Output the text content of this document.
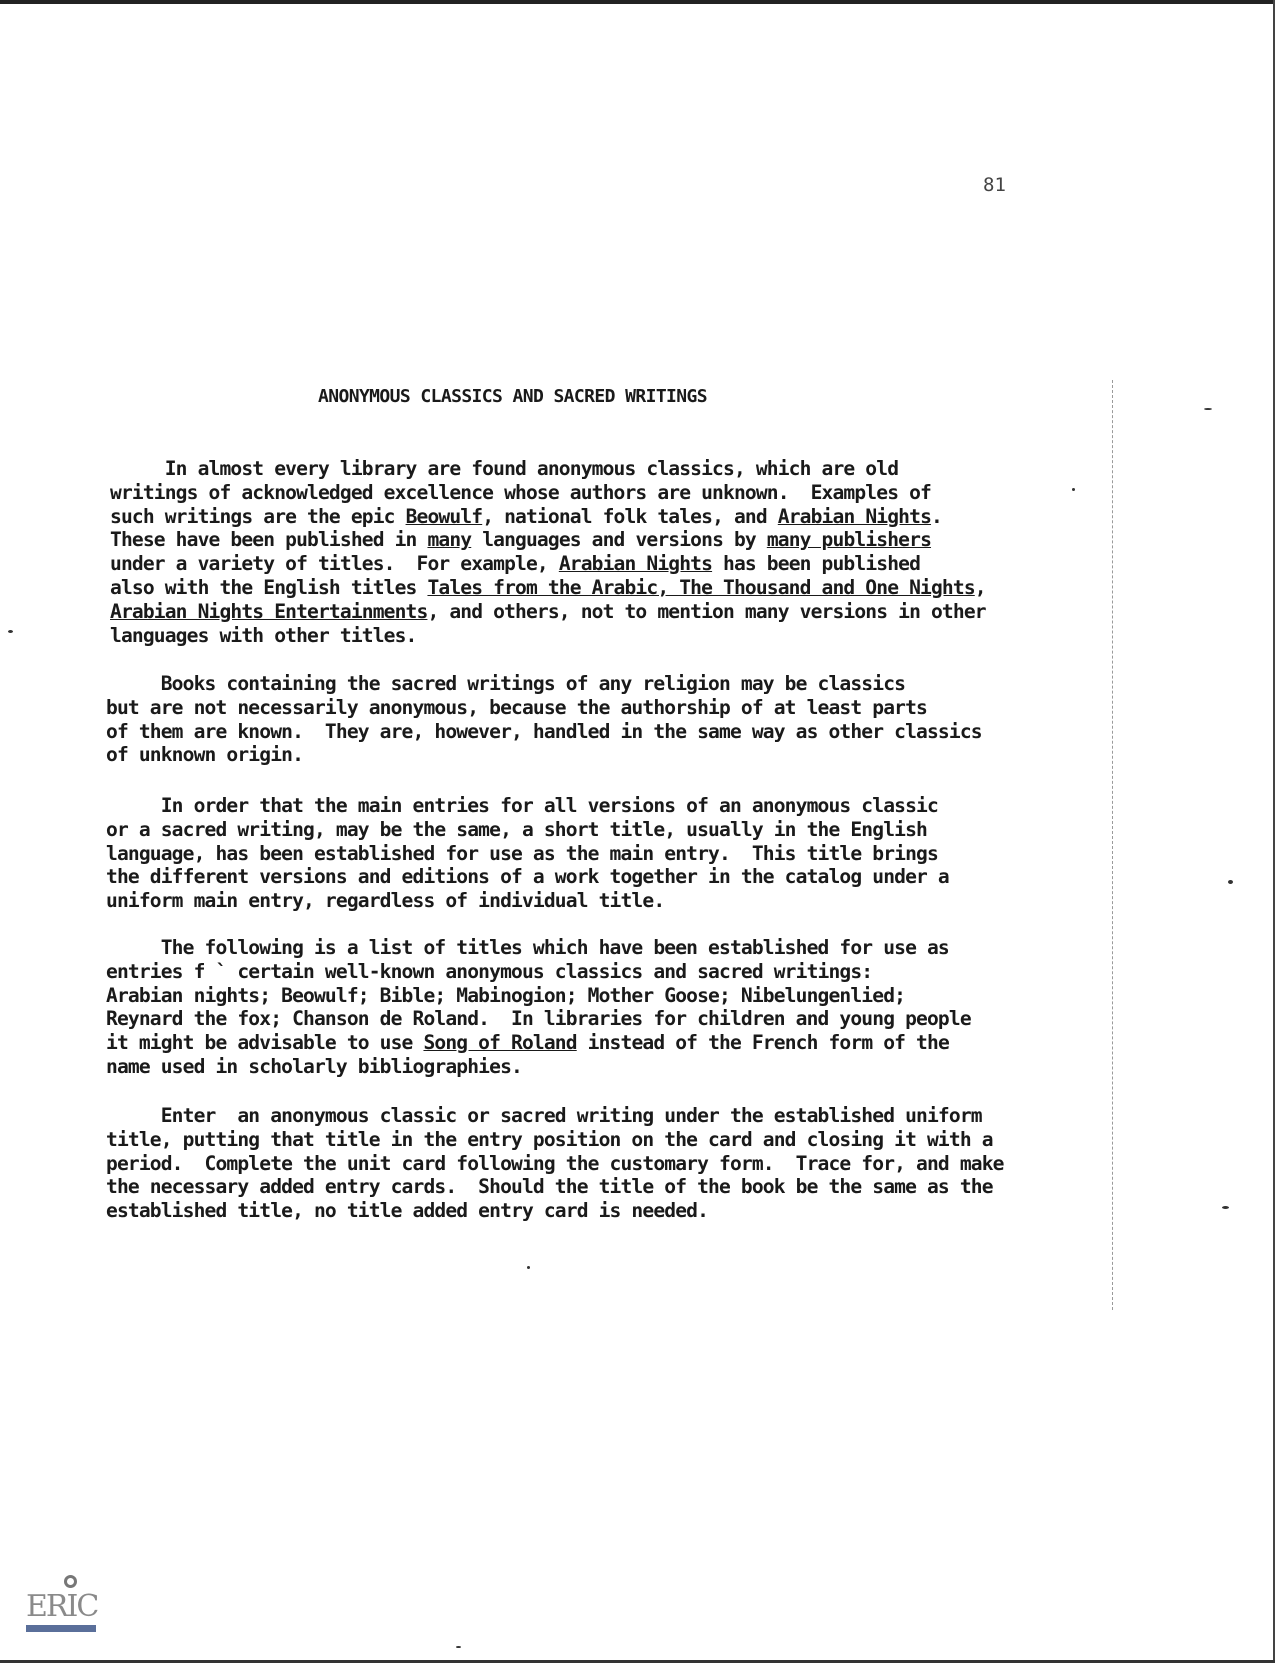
81
ANONYMOUS CLASSICS AND SACRED WRITINGS
In almost every library are found anonymous classics, which are old
writings of acknowledged excellence whose authors are unknown.  Examples of
such writings are the epic Beowulf, national folk tales, and Arabian Nights.
These have been published in many languages and versions by many publishers
under a variety of titles.  For example, Arabian Nights has been published
also with the English titles Tales from the Arabic, The Thousand and One Nights,
Arabian Nights Entertainments, and others, not to mention many versions in other
languages with other titles.
Books containing the sacred writings of any religion may be classics
but are not necessarily anonymous, because the authorship of at least parts
of them are known.  They are, however, handled in the same way as other classics
of unknown origin.
In order that the main entries for all versions of an anonymous classic
or a sacred writing, may be the same, a short title, usually in the English
language, has been established for use as the main entry.  This title brings
the different versions and editions of a work together in the catalog under a
uniform main entry, regardless of individual title.
The following is a list of titles which have been established for use as
entries f ` certain well-known anonymous classics and sacred writings:
Arabian nights; Beowulf; Bible; Mabinogion; Mother Goose; Nibelungenlied;
Reynard the fox; Chanson de Roland.  In libraries for children and young people
it might be advisable to use Song of Roland instead of the French form of the
name used in scholarly bibliographies.
Enter  an anonymous classic or sacred writing under the established uniform
title, putting that title in the entry position on the card and closing it with a
period.  Complete the unit card following the customary form.  Trace for, and make
the necessary added entry cards.  Should the title of the book be the same as the
established title, no title added entry card is needed.
ERIC
